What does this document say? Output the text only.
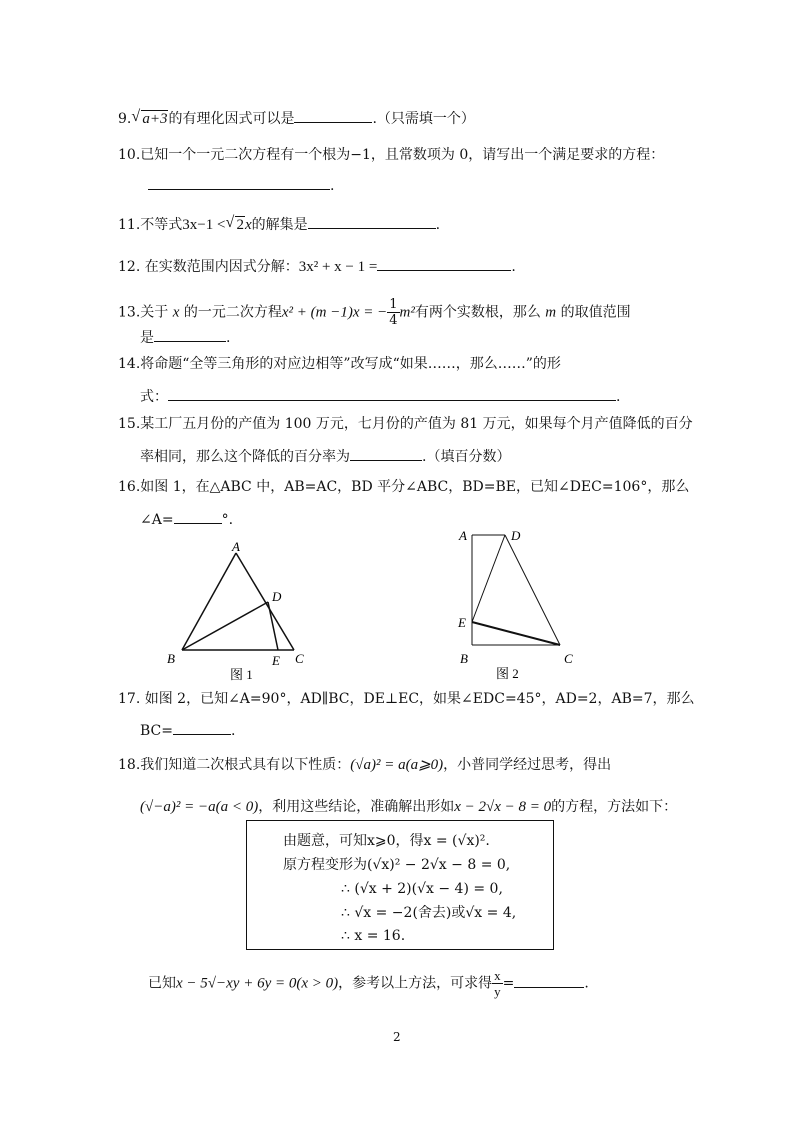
9. √ a+3的有理化因式可以是	.（只需填一个）
10.已知一个一元二次方程有一个根为−1，且常数项为 0，请写出一个满足要求的方程：
.
11.不等式3x−1 < √ 2x的解集是	.
12. 在实数范围内因式分解：3x² + x − 1 =	.
13.关于 x 的一元二次方程x² + (m −1)x = − $\frac{1}{4} m^2$有两个实数根，那么 m 的取值范围
是	.
14.将命题“全等三角形的对应边相等”改写成“如果……，那么……”的形
式：	.
15.某工厂五月份的产值为 100 万元，七月份的产值为 81 万元，如果每个月产值降低的百分
率相同，那么这个降低的百分率为	.（填百分数）
16.如图 1，在△ABC 中，AB=AC，BD 平分∠ABC，BD=BE，已知∠DEC=106°，那么
∠A=	°.
A
B	C
D
E
图 1
A	D
E
B	C
图 2
17. 如图 2，已知∠A=90°，AD∥BC，DE⊥EC，如果∠EDC=45°，AD=2，AB=7，那么
BC=	.
18.我们知道二次根式具有以下性质：(√a)² = a(a⩾0)，小普同学经过思考，得出
(√−a)² = −a(a < 0)，利用这些结论，准确解出形如x − 2√x − 8 = 0的方程，方法如下：
由题意，可知x⩾0，得x = (√x)².
原方程变形为(√x)² − 2√x − 8 = 0,
∴ (√x + 2)(√x − 4) = 0,
∴ √x = −2(舍去)或√x = 4,
∴ x = 16.
已知x − 5√−xy + 6y = 0(x > 0)，参考以上方法，可求得 $\frac{x}{y}$ =	.
2
